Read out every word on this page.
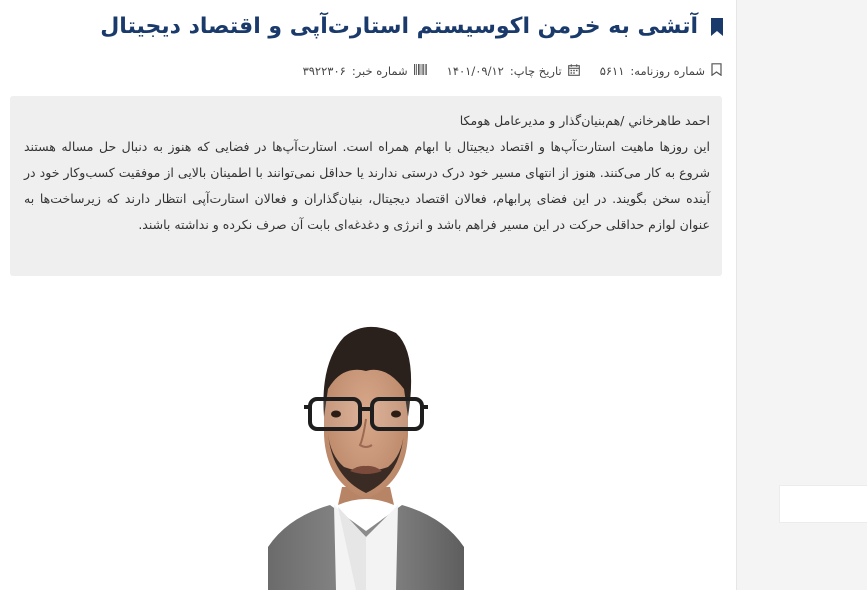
آتشی به خرمن اکوسیستم استارت‌آپی و اقتصاد دیجیتال
شماره روزنامه:
۵۶۱۱
تاریخ چاپ:
۱۴۰۱/۰۹/۱۲
شماره خبر:
۳۹۲۲۳۰۶
احمد طاهرخاني /هم‌بنيان‌گذار و مدیرعامل هومکا
این روزها ماهیت استارت‌آپ‌ها و اقتصاد دیجیتال با ابهام همراه است. استارت‌آپ‌ها در فضایی که هنوز به دنبال حل مساله هستند شروع به کار می‌کنند. هنوز از انتهای مسیر خود درک درستی ندارند یا حداقل نمی‌توانند با اطمینان بالایی از موفقیت کسب‌وکار خود در آینده سخن بگویند. در این فضای پرابهام، فعالان اقتصاد دیجیتال، بنیان‌گذاران و فعالان استارت‌آپی انتظار دارند که زیرساخت‌ها به عنوان لوازم حداقلی حرکت در این مسیر فراهم باشد و انرژی و دغدغه‌ای بابت آن صرف نکرده و نداشته باشند.
